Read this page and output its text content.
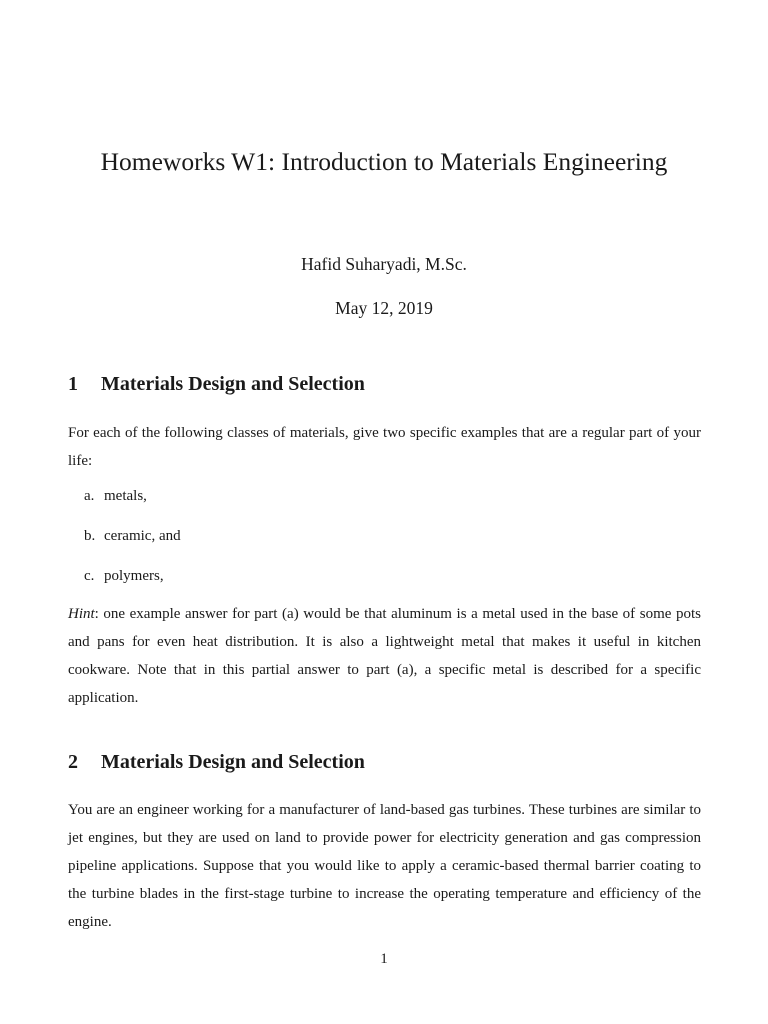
Homeworks W1: Introduction to Materials Engineering
Hafid Suharyadi, M.Sc.
May 12, 2019
1 Materials Design and Selection
For each of the following classes of materials, give two specific examples that are a regular part of your life:
a. metals,
b. ceramic, and
c. polymers,
Hint: one example answer for part (a) would be that aluminum is a metal used in the base of some pots and pans for even heat distribution. It is also a lightweight metal that makes it useful in kitchen cookware. Note that in this partial answer to part (a), a specific metal is described for a specific application.
2 Materials Design and Selection
You are an engineer working for a manufacturer of land-based gas turbines. These turbines are similar to jet engines, but they are used on land to provide power for electricity generation and gas compression pipeline applications. Suppose that you would like to apply a ceramic-based thermal barrier coating to the turbine blades in the first-stage turbine to increase the operating temperature and efficiency of the engine.
1
